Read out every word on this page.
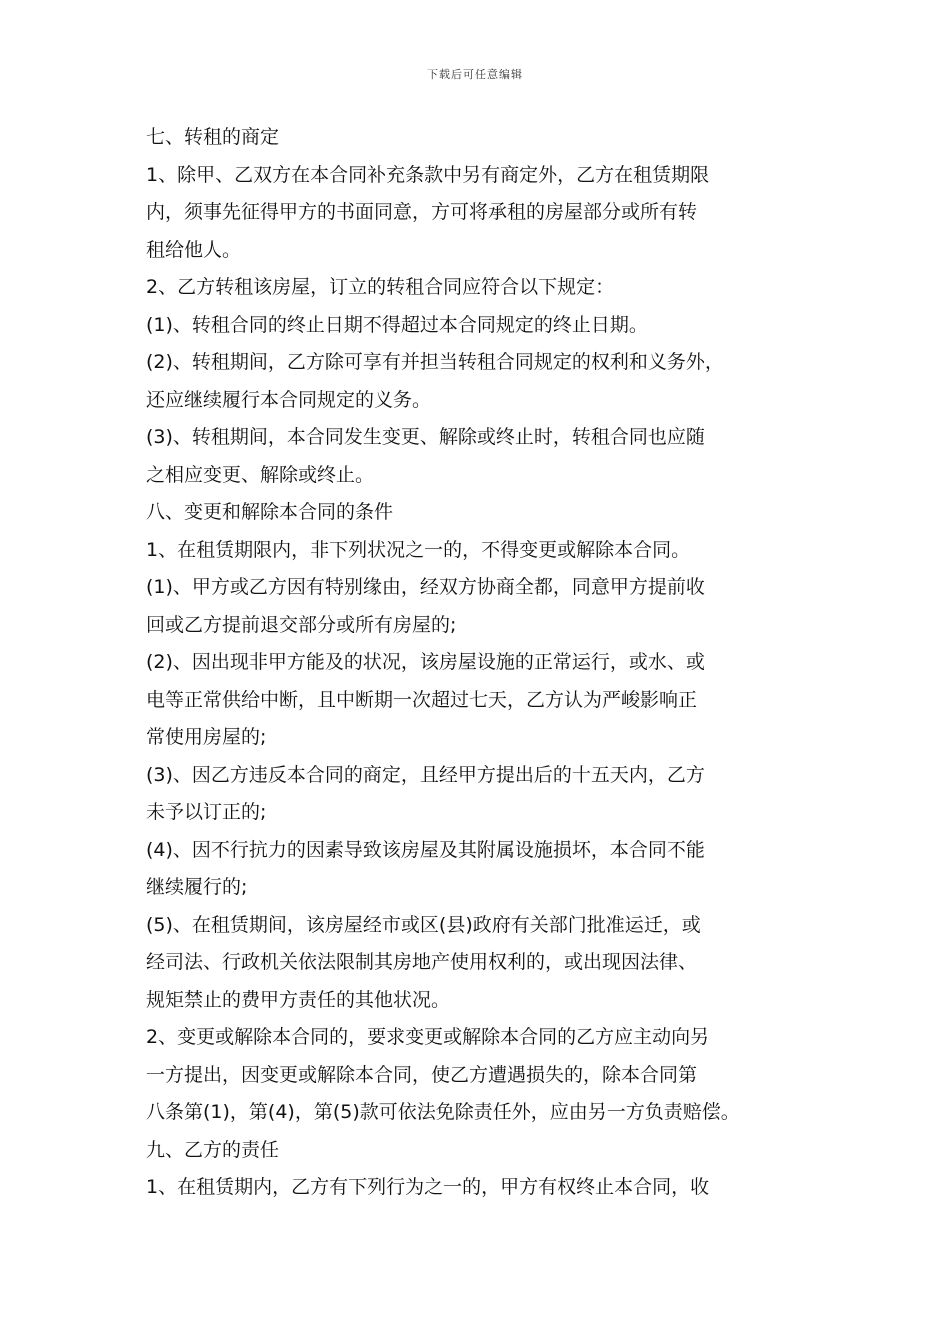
下载后可任意编辑
七、转租的商定
1、除甲、乙双方在本合同补充条款中另有商定外，乙方在租赁期限
内，须事先征得甲方的书面同意，方可将承租的房屋部分或所有转
租给他人。
2、乙方转租该房屋，订立的转租合同应符合以下规定：
(1)、转租合同的终止日期不得超过本合同规定的终止日期。
(2)、转租期间，乙方除可享有并担当转租合同规定的权利和义务外，
还应继续履行本合同规定的义务。
(3)、转租期间，本合同发生变更、解除或终止时，转租合同也应随
之相应变更、解除或终止。
八、变更和解除本合同的条件
1、在租赁期限内，非下列状况之一的，不得变更或解除本合同。
(1)、甲方或乙方因有特别缘由，经双方协商全都，同意甲方提前收
回或乙方提前退交部分或所有房屋的;
(2)、因出现非甲方能及的状况，该房屋设施的正常运行，或水、或
电等正常供给中断，且中断期一次超过七天，乙方认为严峻影响正
常使用房屋的;
(3)、因乙方违反本合同的商定，且经甲方提出后的十五天内，乙方
未予以订正的;
(4)、因不行抗力的因素导致该房屋及其附属设施损坏，本合同不能
继续履行的;
(5)、在租赁期间，该房屋经市或区(县)政府有关部门批准运迁，或
经司法、行政机关依法限制其房地产使用权利的，或出现因法律、
规矩禁止的费甲方责任的其他状况。
2、变更或解除本合同的，要求变更或解除本合同的乙方应主动向另
一方提出，因变更或解除本合同，使乙方遭遇损失的，除本合同第
八条第(1)，第(4)，第(5)款可依法免除责任外，应由另一方负责赔偿。
九、乙方的责任
1、在租赁期内，乙方有下列行为之一的，甲方有权终止本合同，收
